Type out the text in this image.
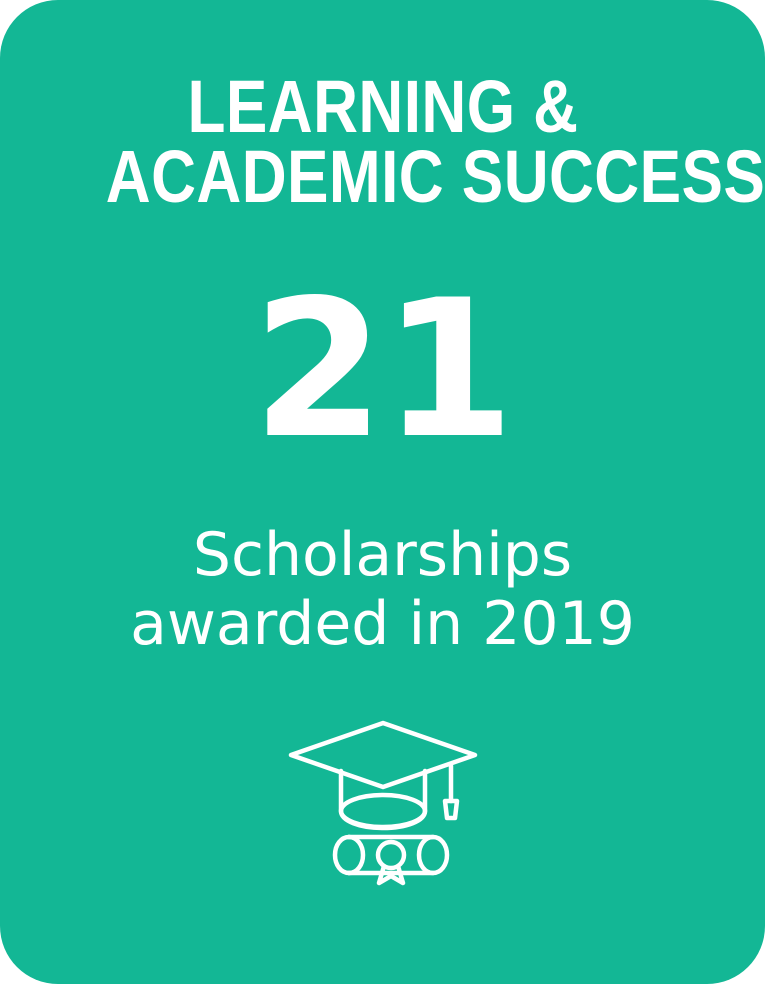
LEARNING &
ACADEMIC SUCCESS
21
Scholarships
awarded in 2019
